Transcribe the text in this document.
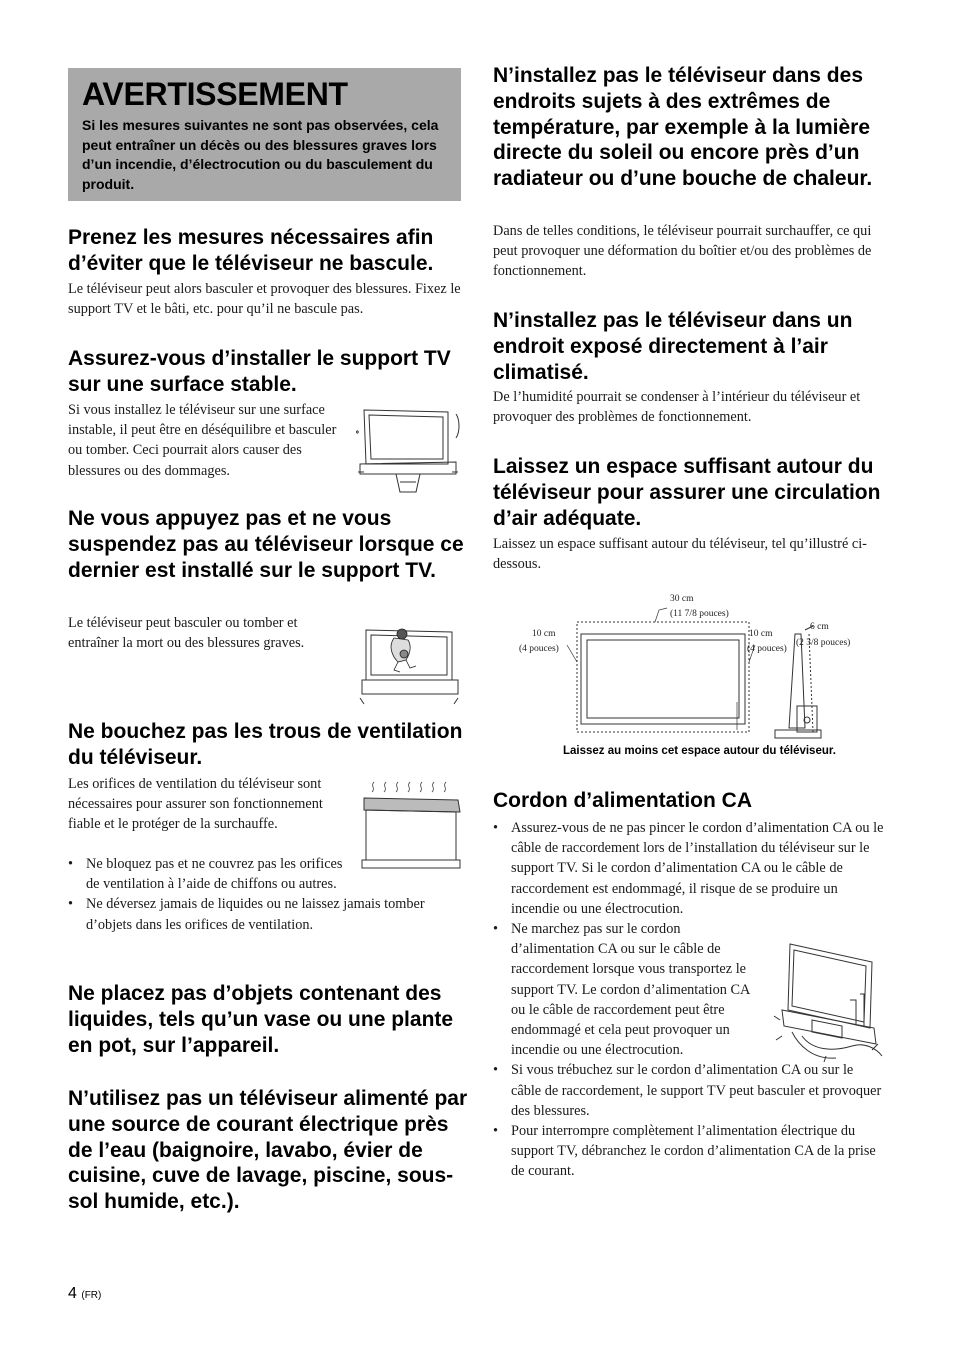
AVERTISSEMENT
Si les mesures suivantes ne sont pas observées, cela peut entraîner un décès ou des blessures graves lors d’un incendie, d’électrocution ou du basculement du produit.
Prenez les mesures nécessaires afin d’éviter que le téléviseur ne bascule.

Le téléviseur peut alors basculer et provoquer des blessures. Fixez le support TV et le bâti, etc. pour qu’il ne bascule pas.

Assurez-vous d’installer le support TV sur une surface stable.

Si vous installez le téléviseur sur une surface instable, il peut être en déséquilibre et basculer ou tomber. Ceci pourrait alors causer des blessures ou des dommages.

Ne vous appuyez pas et ne vous suspendez pas au téléviseur lorsque ce dernier est installé sur le support TV.

Le téléviseur peut basculer ou tomber et entraîner la mort ou des blessures graves.

Ne bouchez pas les trous de ventilation du téléviseur.

Les orifices de ventilation du téléviseur sont nécessaires pour assurer son fonctionnement fiable et le protéger de la surchauffe.

• Ne bloquez pas et ne couvrez pas les orifices de ventilation à l’aide de chiffons ou autres.
• Ne déversez jamais de liquides ou ne laissez jamais tomber d’objets dans les orifices de ventilation.
Ne placez pas d’objets contenant des liquides, tels qu’un vase ou une plante en pot, sur l’appareil.
N’utilisez pas un téléviseur alimenté par une source de courant électrique près de l’eau (baignoire, lavabo, évier de cuisine, cuve de lavage, piscine, sous-sol humide, etc.).
N’installez pas le téléviseur dans des endroits sujets à des extrêmes de température, par exemple à la lumière directe du soleil ou encore près d’un radiateur ou d’une bouche de chaleur.

Dans de telles conditions, le téléviseur pourrait surchauffer, ce qui peut provoquer une déformation du boîtier et/ou des problèmes de fonctionnement.

N’installez pas le téléviseur dans un endroit exposé directement à l’air climatisé.

De l’humidité pourrait se condenser à l’intérieur du téléviseur et provoquer des problèmes de fonctionnement.

Laissez un espace suffisant autour du téléviseur pour assurer une circulation d’air adéquate.

Laissez un espace suffisant autour du téléviseur, tel qu’illustré ci-dessous.

30 cm
(11 7/8 pouces)
10 cm
(4 pouces)
10 cm
(4 pouces)
6 cm
(2 3/8 pouces)
Laissez au moins cet espace autour du téléviseur.
Cordon d’alimentation CA
• Assurez-vous de ne pas pincer le cordon d’alimentation CA ou le câble de raccordement lors de l’installation du téléviseur sur le support TV. Si le cordon d’alimentation CA ou le câble de raccordement est endommagé, il risque de se produire un incendie ou une électrocution.
• Ne marchez pas sur le cordon d’alimentation CA ou sur le câble de raccordement lorsque vous transportez le support TV. Le cordon d’alimentation CA ou le câble de raccordement peut être endommagé et cela peut provoquer un incendie ou une électrocution.
• Si vous trébuchez sur le cordon d’alimentation CA ou sur le câble de raccordement, le support TV peut basculer et provoquer des blessures.
• Pour interrompre complètement l’alimentation électrique du support TV, débranchez le cordon d’alimentation CA de la prise de courant.
4 (FR)
